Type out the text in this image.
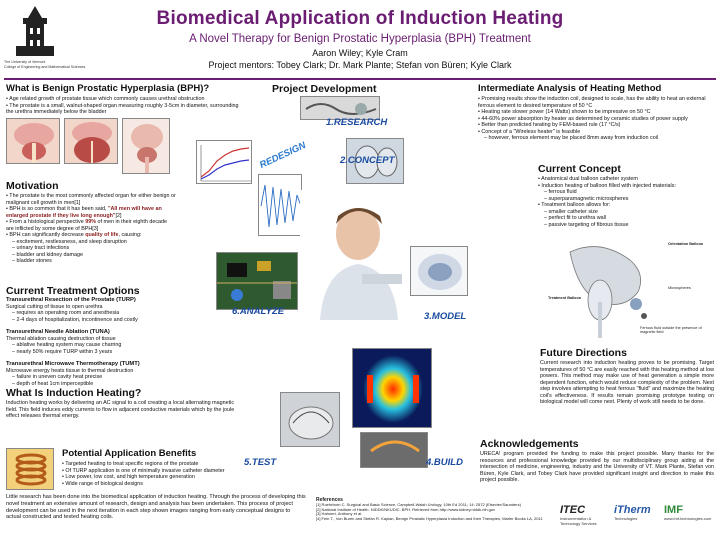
The University of Vermont
College of Engineering and Mathematical Sciences
Biomedical Application of Induction Heating
A Novel Therapy for Benign Prostatic Hyperplasia (BPH) Treatment
Aaron Wiley; Kyle Cram
Project mentors: Tobey Clark; Dr. Mark Plante; Stefan von Büren; Kyle Clark
What is Benign Prostatic Hyperplasia (BPH)?
• Age related growth of prostate tissue which commonly causes urethral obstruction
• The prostate is a small, walnut-shaped organ measuring roughly 3-5cm in diameter, surrounding the urethra immediately below the bladder
Motivation
• The prostate is the most commonly affected organ for either benign or malignant cell growth in men[1]
• BPH is so common that it has been said, "All men will have an enlarged prostate if they live long enough"[2]
• From a histological perspective 99% of men in their eighth decade are inflicted by some degree of BPH[3]
• BPH can significantly decrease quality of life, causing:
– excitement, restlessness, and sleep disruption
– urinary tract infections
– bladder and kidney damage
– bladder stones
Current Treatment Options
Transurethral Resection of the Prostate (TURP)
Surgical cutting of tissue to open urethra
– requires an operating room and anesthesia
– 2-4 days of hospitalization, incontinence and costly
Transurethral Needle Ablation (TUNA)
Thermal ablation causing destruction of tissue
– ablative heating system may cause charring
– nearly 50% require TURP within 3 years
Transurethral Microwave Thermotherapy (TUMT)
Microwave energy heats tissue to thermal destruction
– failure in uneven cavity heat precise
– depth of heat 1cm imperceptible
What Is Induction Heating?
Induction heating works by delivering an AC signal to a coil creating a local alternating magnetic field. This field induces eddy currents to flow in adjacent conductive materials which by the joule effect releases thermal energy.
Potential Application Benefits
• Targeted heating to treat specific regions of the prostate
• Of TURP application is one of minimally invasive catheter diameter
• Low power, low cost, and high temperature generation
• Wide range of biological designs
Little research has been done into the biomedical application of induction heating. Through the process of developing this novel treatment an extensive amount of research, design and analysis has been undertaken. This process of project development can be used in the next iteration in each step shown images ranging from early conceptual designs to actual constructed and tested heating coils.
Project Development
1.RESEARCH
REDESIGN	2.CONCEPT
6.ANALYZE	3.MODEL
5.TEST	4.BUILD
Intermediate Analysis of Heating Method
• Promising results show the induction coil, designed to scale, has the ability to heat an external ferrous element to desired temperature of 50 °C
• Heating rate slower power (14 Watts) shown to be impressive on 50 °C
• 44-60% power absorption by heater as determined by ceramic studies of power supply
• Better than predicted heating by FEM-based rule (17 °C/s)
• Concept of a "Wireless heater" is feasible
– however, ferrous element may be placed 8mm away from induction coil
Current Concept
• Anatomical dual balloon catheter system
• Induction heating of balloon filled with injected materials:
– ferrous fluid
– superparamagnetic microspheres
• Treatment balloon allows for:
– smaller catheter size
– perfect fit to urethra wall
– passive targeting of fibrous tissue
Orientation Balloon
Treatment Balloon
Microspheres
Ferrous fluid outside the presence of magnetic field
Future Directions
Current research into induction heating proves to be promising. Target temperatures of 50 °C are easily reached with this heating method at low powers. This method may make use of heat generation a simple more dependent function, which would reduce complexity of the problem. Next step involves attempting to heat ferrous "fluid" and maximize the heating coil's effectiveness. If results remain promising prototype testing on biological model will come next. Plenty of work still needs to be done.
Acknowledgements
URECA! program provided the funding to make this project possible. Many thanks for the resources and professional knowledge provided by our multidisciplinary group aiding at the intersection of medicine, engineering, industry and the University of VT. Mark Plante, Stefan von Büren, Kyle Clark, and Tobey Clark have provided significant insight and direction to make this project possible.
References
[1] Roehrborn C. Surgical and Basic Science, Campbell-Walsh Urology, 10th Ed 2011; 14: 2572 (Elsevier/Saunders)
[2] National Institute of Health. NIDDK/NKUDIC. BPH. Retrieved from http://www.kidney.niddk.nih.gov
[3] Hahnert, Anthony et al.
[4] Fein T., Von Buren and Stefan R. Kaplan, Benign Prostatic Hyperplasia Induction and their Therapies, Marler Books LA, 2011
ITEC
Instrumentation & Technology Services
iTherm
Technologies
IMF
www.imf-technologies.com
